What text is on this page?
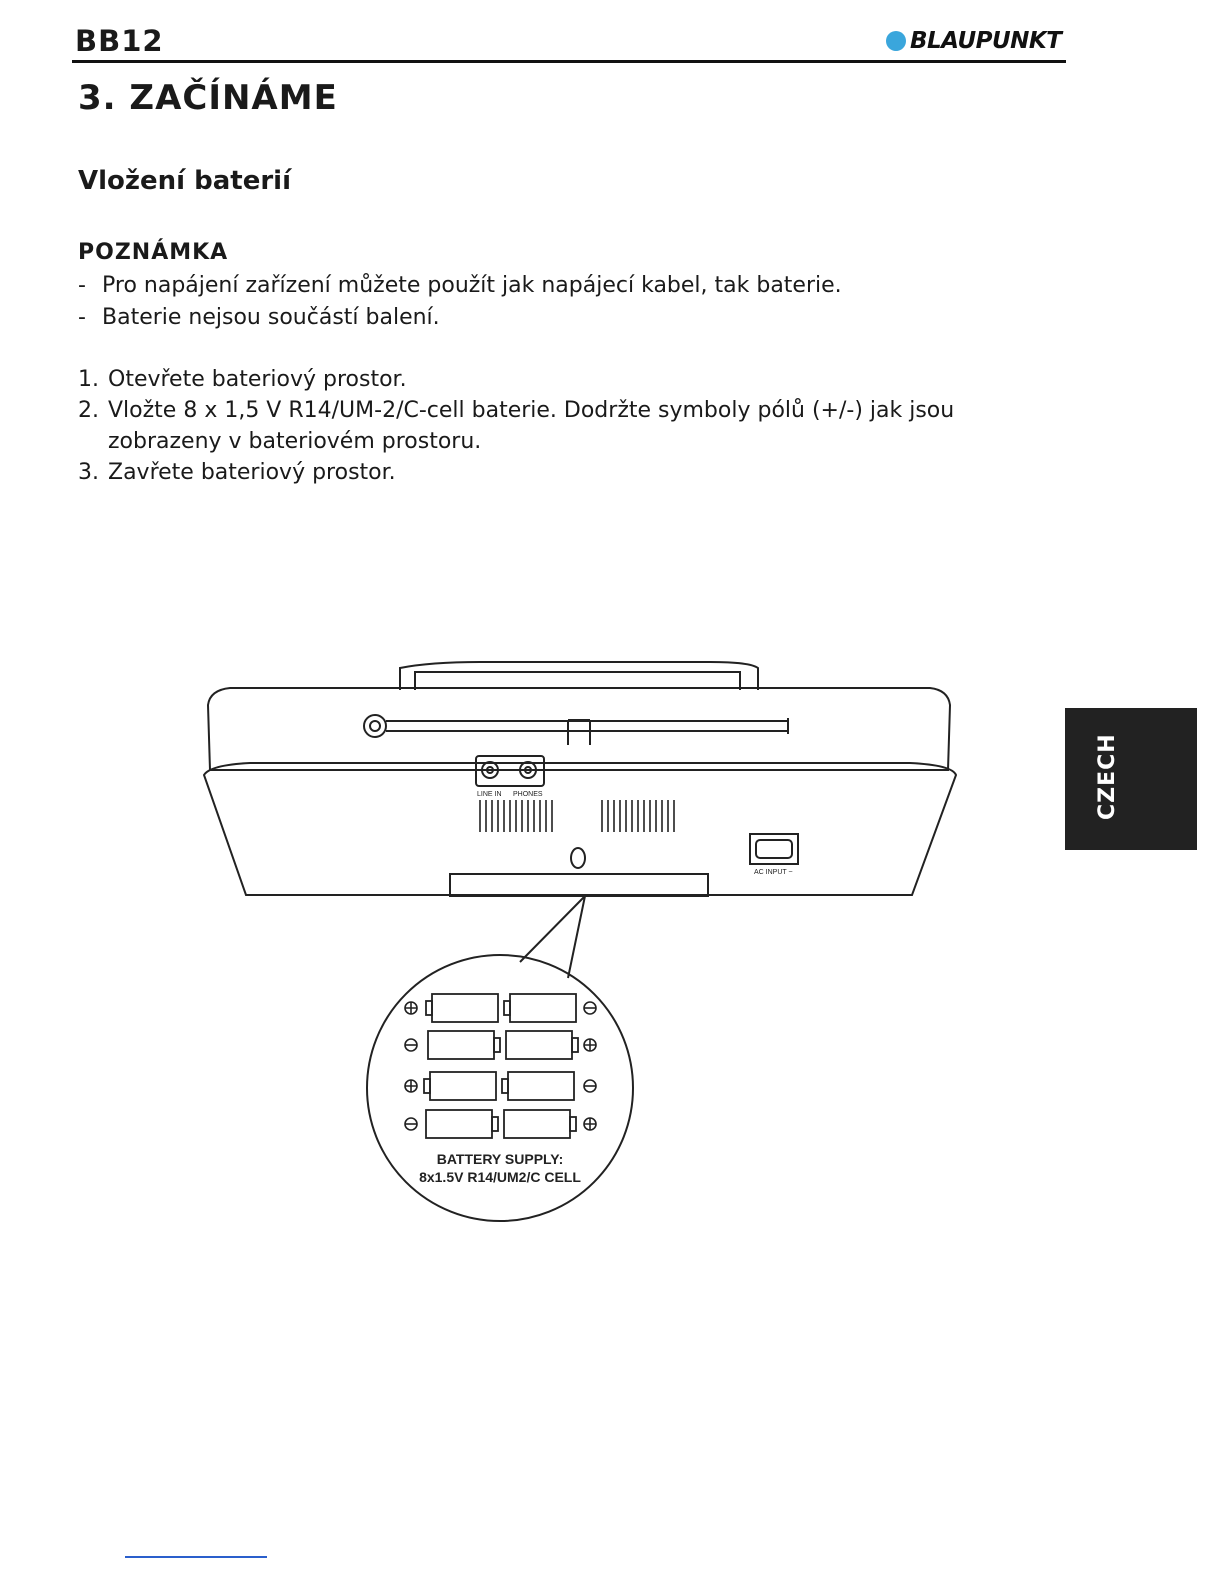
BB12	BLAUPUNKT
3. ZAČÍNÁME
Vložení baterií
POZNÁMKA
- Pro napájení zařízení můžete použít jak napájecí kabel, tak baterie.
- Baterie nejsou součástí balení.
1. Otevřete bateriový prostor.
2. Vložte 8 x 1,5 V R14/UM-2/C-cell baterie. Dodržte symboly pólů (+/-) jak jsou zobrazeny v bateriovém prostoru.
3. Zavřete bateriový prostor.
CZECH
LINE IN PHONES
AC INPUT ~
BATTERY SUPPLY:
8x1.5V R14/UM2/C CELL
